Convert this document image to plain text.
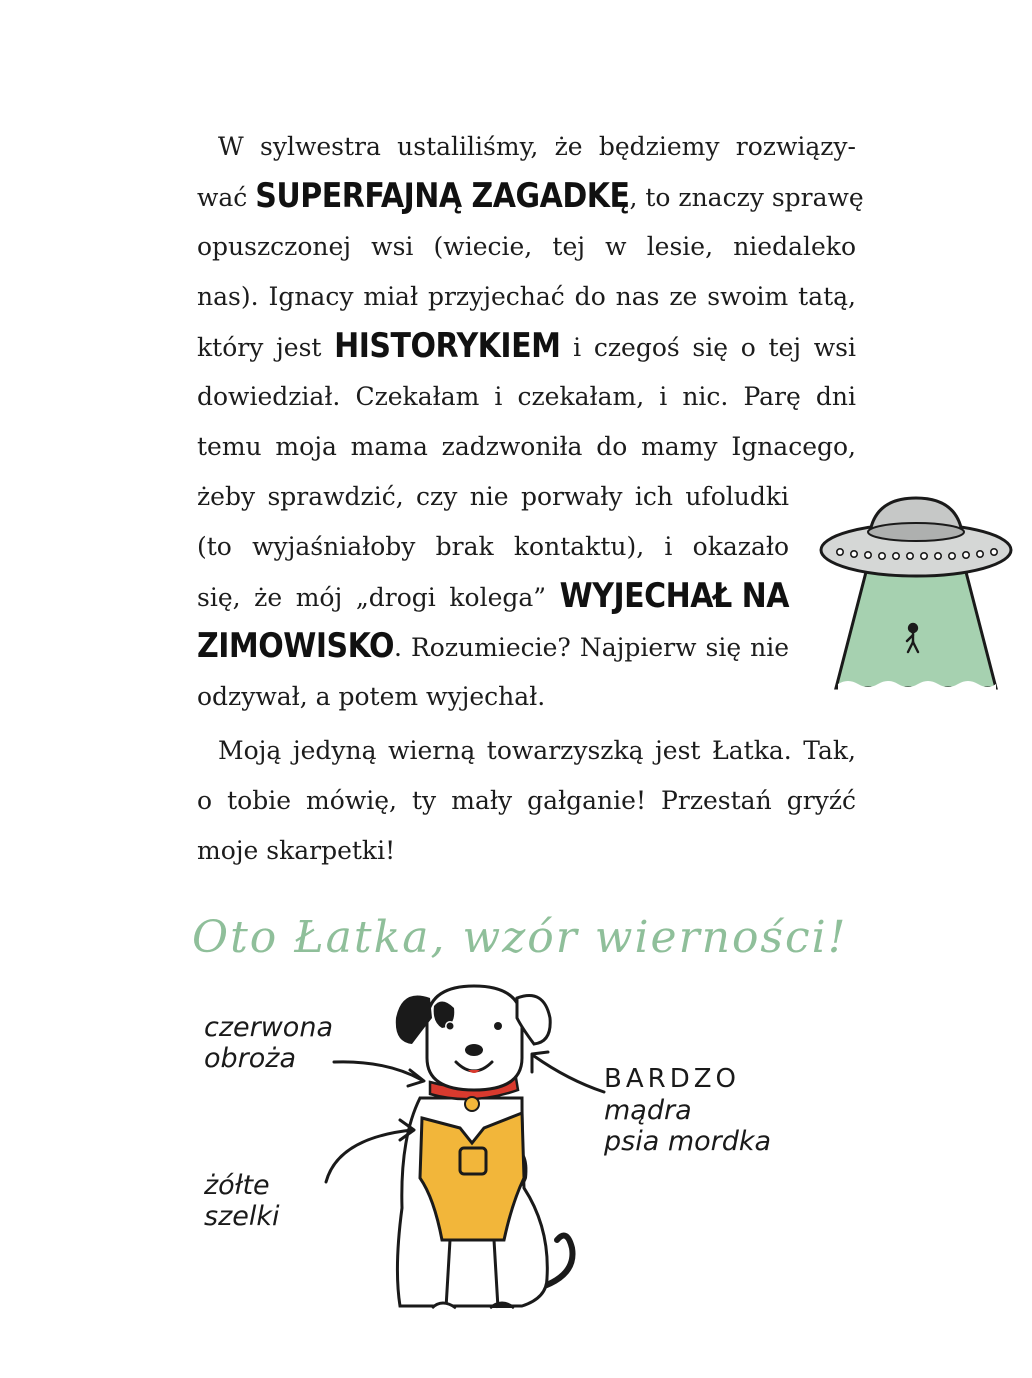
W sylwestra ustaliliśmy, że będziemy rozwiązy-
wać SUPERFAJNĄ ZAGADKĘ, to znaczy sprawę
opuszczonej wsi (wiecie, tej w lesie, niedaleko
nas). Ignacy miał przyjechać do nas ze swoim tatą,
który jest HISTORYKIEM i czegoś się o tej wsi
dowiedział. Czekałam i czekałam, i nic. Parę dni
temu moja mama zadzwoniła do mamy Ignacego,
żeby sprawdzić, czy nie porwały ich ufoludki
(to wyjaśniałoby brak kontaktu), i okazało
się, że mój „drogi kolega” WYJECHAŁ NA
ZIMOWISKO. Rozumiecie? Najpierw się nie
odzywał, a potem wyjechał.
Moją jedyną wierną towarzyszką jest Łatka. Tak,
o tobie mówię, ty mały gałganie! Przestań gryźć
moje skarpetki!
Oto Łatka, wzór wierności!
czerwona
obroża
BARDZO
mądra
psia mordka
żółte
szelki
